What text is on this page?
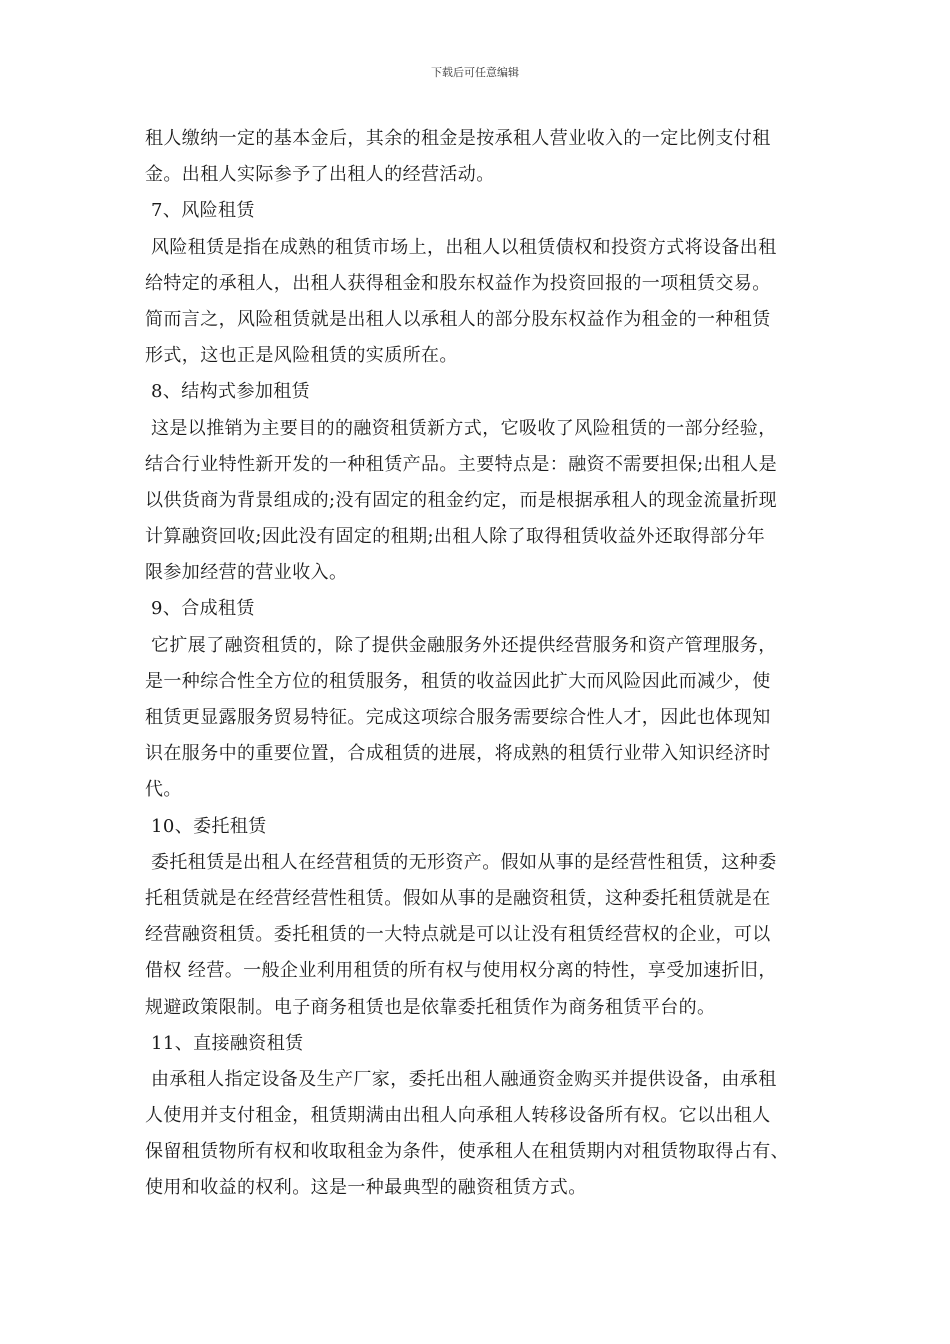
下载后可任意编辑
租人缴纳一定的基本金后，其余的租金是按承租人营业收入的一定比例支付租
金。出租人实际参予了出租人的经营活动。
7、风险租赁
风险租赁是指在成熟的租赁市场上，出租人以租赁债权和投资方式将设备出租
给特定的承租人，出租人获得租金和股东权益作为投资回报的一项租赁交易。
简而言之，风险租赁就是出租人以承租人的部分股东权益作为租金的一种租赁
形式，这也正是风险租赁的实质所在。
8、结构式参加租赁
这是以推销为主要目的的融资租赁新方式，它吸收了风险租赁的一部分经验，
结合行业特性新开发的一种租赁产品。主要特点是：融资不需要担保;出租人是
以供货商为背景组成的;没有固定的租金约定，而是根据承租人的现金流量折现
计算融资回收;因此没有固定的租期;出租人除了取得租赁收益外还取得部分年
限参加经营的营业收入。
9、合成租赁
它扩展了融资租赁的，除了提供金融服务外还提供经营服务和资产管理服务，
是一种综合性全方位的租赁服务，租赁的收益因此扩大而风险因此而减少，使
租赁更显露服务贸易特征。完成这项综合服务需要综合性人才，因此也体现知
识在服务中的重要位置，合成租赁的进展，将成熟的租赁行业带入知识经济时
代。
10、委托租赁
委托租赁是出租人在经营租赁的无形资产。假如从事的是经营性租赁，这种委
托租赁就是在经营经营性租赁。假如从事的是融资租赁，这种委托租赁就是在
经营融资租赁。委托租赁的一大特点就是可以让没有租赁经营权的企业，可以
借权 经营。一般企业利用租赁的所有权与使用权分离的特性，享受加速折旧，
规避政策限制。电子商务租赁也是依靠委托租赁作为商务租赁平台的。
11、直接融资租赁
由承租人指定设备及生产厂家，委托出租人融通资金购买并提供设备，由承租
人使用并支付租金，租赁期满由出租人向承租人转移设备所有权。它以出租人
保留租赁物所有权和收取租金为条件，使承租人在租赁期内对租赁物取得占有、
使用和收益的权利。这是一种最典型的融资租赁方式。
